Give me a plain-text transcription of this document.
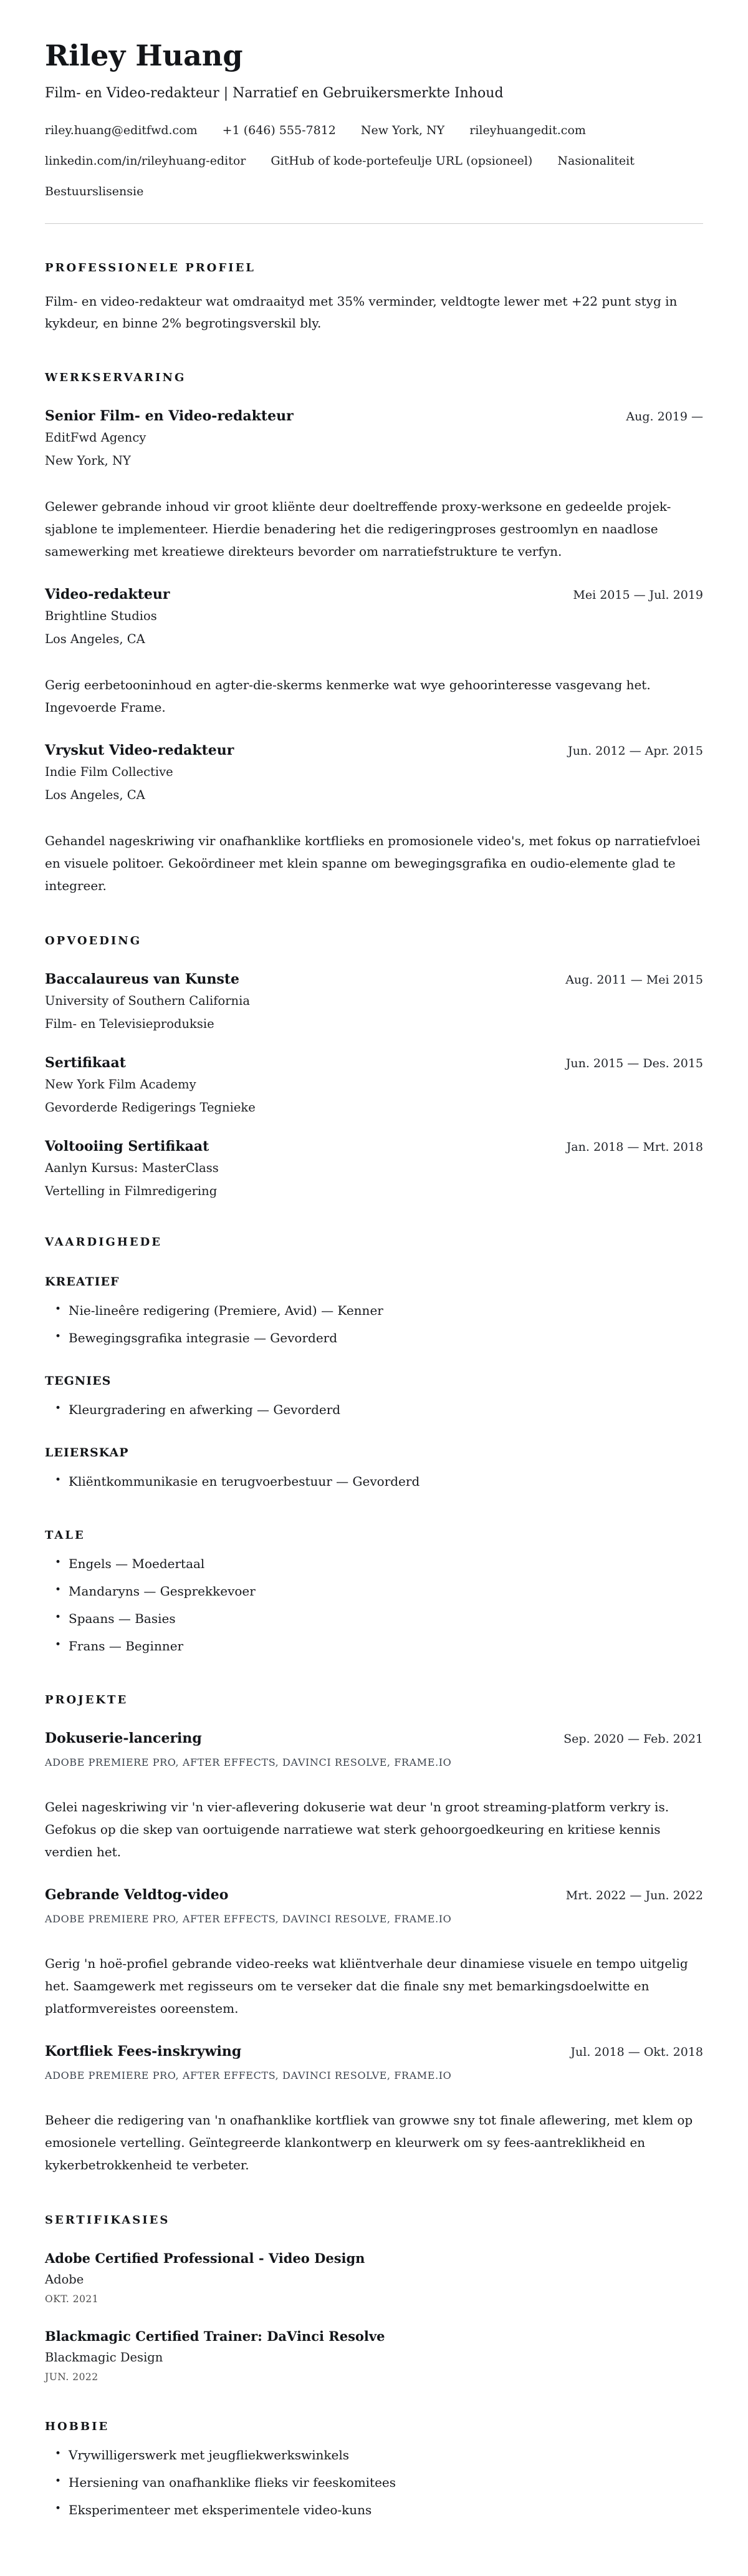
Riley Huang
Film- en Video-redakteur | Narratief en Gebruikersmerkte Inhoud
riley.huang@editfwd.com +1 (646) 555-7812 New York, NY rileyhuangedit.com
linkedin.com/in/rileyhuang-editor GitHub of kode-portefeulje URL (opsioneel) Nasionaliteit
Bestuurslisensie
PROFESSIONELE PROFIEL

Film- en video-redakteur wat omdraaityd met 35% verminder, veldtogte lewer met +22 punt styg in kykdeur, en binne 2% begrotingsverskil bly.

WERKSERVARING
Senior Film- en Video-redakteur	Aug. 2019 —
EditFwd Agency
New York, NY

Gelewer gebrande inhoud vir groot kliënte deur doeltreffende proxy-werksone en gedeelde projek-sjablone te implementeer. Hierdie benadering het die redigeringproses gestroomlyn en naadlose samewerking met kreatiewe direkteurs bevorder om narratiefstrukture te verfyn.

Video-redakteur	Mei 2015 — Jul. 2019
Brightline Studios
Los Angeles, CA

Gerig eerbetooninhoud en agter-die-skerms kenmerke wat wye gehoorinteresse vasgevang het. Ingevoerde Frame.

Vryskut Video-redakteur	Jun. 2012 — Apr. 2015
Indie Film Collective
Los Angeles, CA

Gehandel nageskriwing vir onafhanklike kortflieks en promosionele video's, met fokus op narratiefvloei en visuele politoer. Gekoördineer met klein spanne om bewegingsgrafika en oudio-elemente glad te integreer.

OPVOEDING
Baccalaureus van Kunste	Aug. 2011 — Mei 2015
University of Southern California
Film- en Televisieproduksie
Sertifikaat	Jun. 2015 — Des. 2015
New York Film Academy
Gevorderde Redigerings Tegnieke
Voltooiing Sertifikaat	Jan. 2018 — Mrt. 2018
Aanlyn Kursus: MasterClass
Vertelling in Filmredigering
VAARDIGHEDE
KREATIEF
• Nie-lineêre redigering (Premiere, Avid) — Kenner
• Bewegingsgrafika integrasie — Gevorderd
TEGNIES
• Kleurgradering en afwerking — Gevorderd
LEIERSKAP
• Kliëntkommunikasie en terugvoerbestuur — Gevorderd
TALE
• Engels — Moedertaal
• Mandaryns — Gesprekkevoer
• Spaans — Basies
• Frans — Beginner
PROJEKTE
Dokuserie-lancering	Sep. 2020 — Feb. 2021
ADOBE PREMIERE PRO, AFTER EFFECTS, DAVINCI RESOLVE, FRAME.IO

Gelei nageskriwing vir 'n vier-aflevering dokuserie wat deur 'n groot streaming-platform verkry is. Gefokus op die skep van oortuigende narratiewe wat sterk gehoorgoedkeuring en kritiese kennis verdien het.

Gebrande Veldtog-video	Mrt. 2022 — Jun. 2022
ADOBE PREMIERE PRO, AFTER EFFECTS, DAVINCI RESOLVE, FRAME.IO

Gerig 'n hoë-profiel gebrande video-reeks wat kliëntverhale deur dinamiese visuele en tempo uitgelig het. Saamgewerk met regisseurs om te verseker dat die finale sny met bemarkingsdoelwitte en platformvereistes ooreenstem.

Kortfliek Fees-inskrywing	Jul. 2018 — Okt. 2018
ADOBE PREMIERE PRO, AFTER EFFECTS, DAVINCI RESOLVE, FRAME.IO

Beheer die redigering van 'n onafhanklike kortfliek van growwe sny tot finale aflewering, met klem op emosionele vertelling. Geïntegreerde klankontwerp en kleurwerk om sy fees-aantreklikheid en kykerbetrokkenheid te verbeter.

SERTIFIKASIES
Adobe Certified Professional - Video Design
Adobe
OKT. 2021
Blackmagic Certified Trainer: DaVinci Resolve
Blackmagic Design
JUN. 2022
HOBBIE
• Vrywilligerswerk met jeugfliekwerkswinkels
• Hersiening van onafhanklike flieks vir feeskomitees
• Eksperimenteer met eksperimentele video-kuns
